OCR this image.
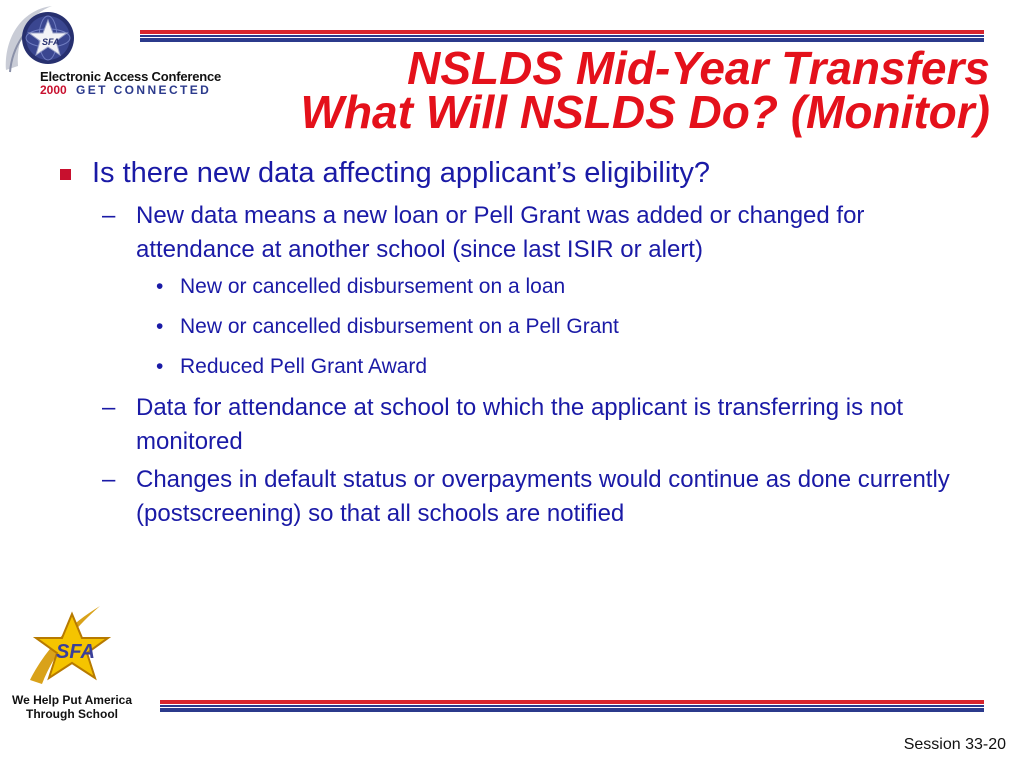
SFA
Electronic Access Conference
2000 GET CONNECTED	NSLDS Mid-Year Transfers
What Will NSLDS Do? (Monitor)
Is there new data affecting applicant’s eligibility?
– New data means a new loan or Pell Grant was added or changed for attendance at another school (since last ISIR or alert)
• New or cancelled disbursement on a loan
• New or cancelled disbursement on a Pell Grant
• Reduced Pell Grant Award
– Data for attendance at school to which the applicant is transferring is not monitored
– Changes in default status or overpayments would continue as done currently (postscreening) so that all schools are notified
SFA
We Help Put America
Through School
Session 33-20
